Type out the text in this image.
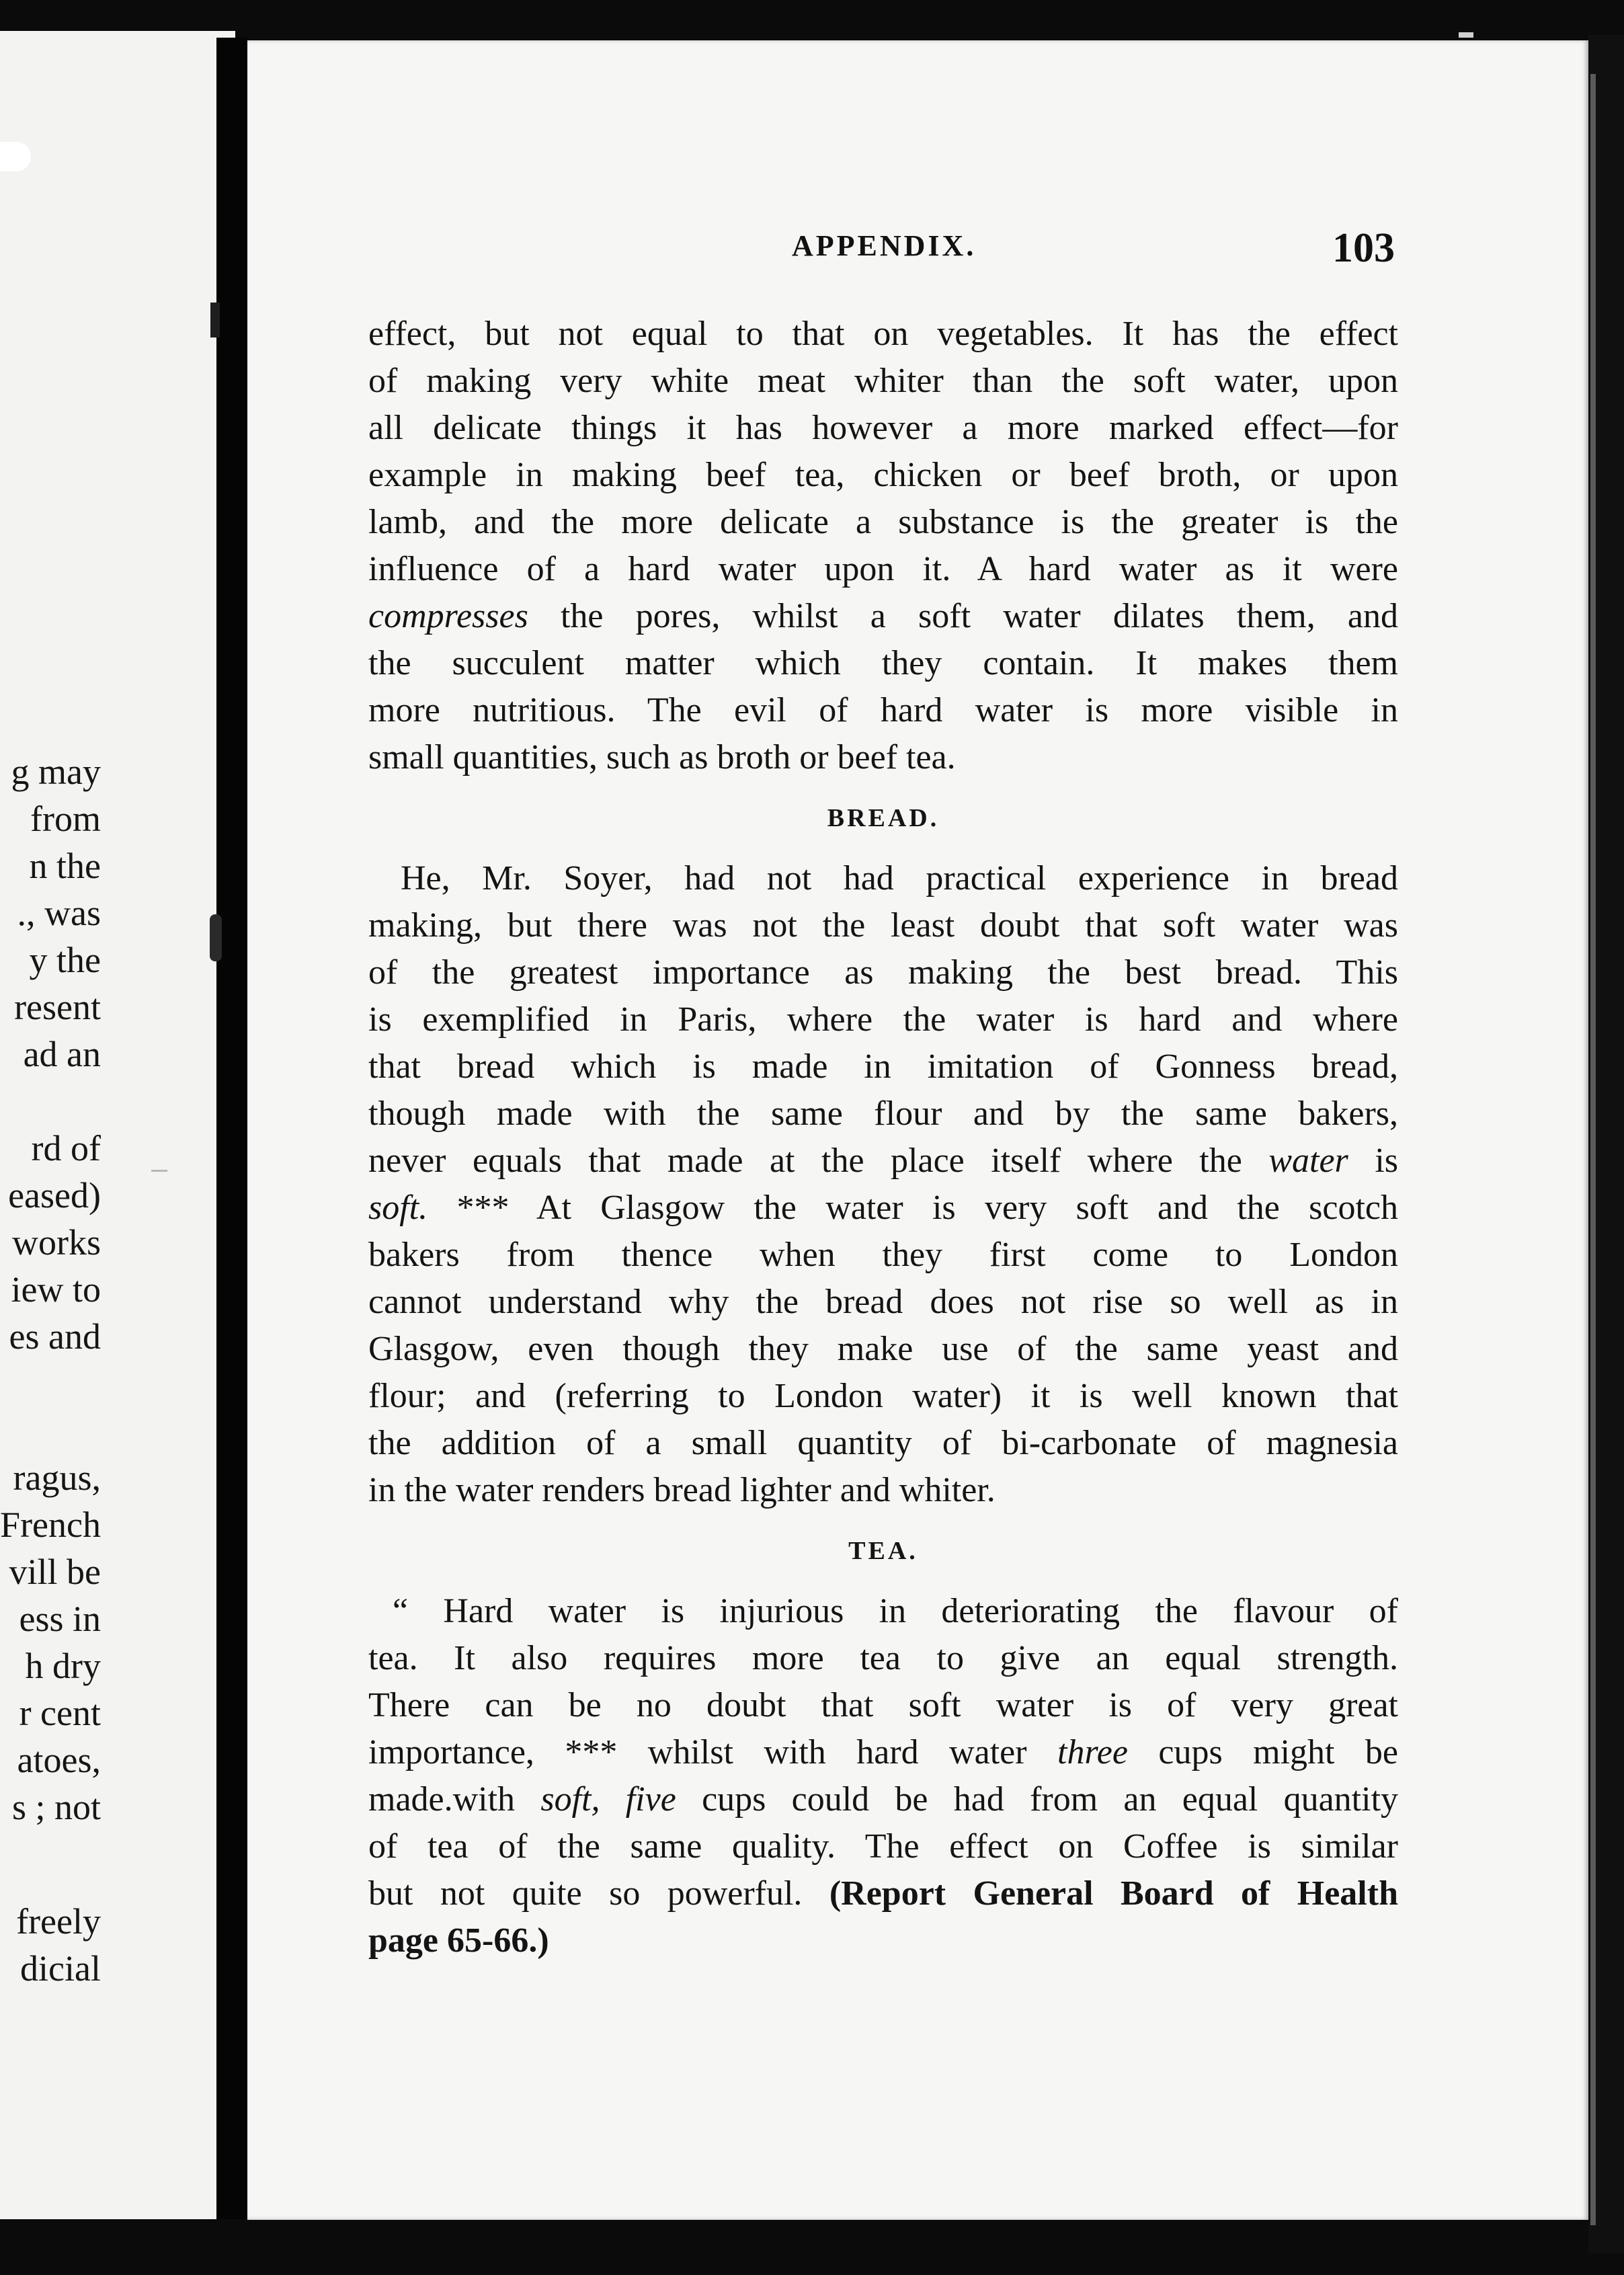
g may
from
n the
., was
y the
resent
ad an
rd of
eased)
works
iew to
es and
ragus,
French
vill be
ess in
h dry
r cent
atoes,
s ; not
freely
dicial
APPENDIX.	103
effect, but not equal to that on vegetables. It has the effect
of making very white meat whiter than the soft water, upon
all delicate things it has however a more marked effect—for
example in making beef tea, chicken or beef broth, or upon
lamb, and the more delicate a substance is the greater is the
influence of a hard water upon it. A hard water as it were
compresses the pores, whilst a soft water dilates them, and
the succulent matter which they contain. It makes them
more nutritious. The evil of hard water is more visible in
small quantities, such as broth or beef tea.
BREAD.
He, Mr. Soyer, had not had practical experience in bread
making, but there was not the least doubt that soft water was
of the greatest importance as making the best bread. This
is exemplified in Paris, where the water is hard and where
that bread which is made in imitation of Gonness bread,
though made with the same flour and by the same bakers,
never equals that made at the place itself where the water is
soft. *** At Glasgow the water is very soft and the scotch
bakers from thence when they first come to London
cannot understand why the bread does not rise so well as in
Glasgow, even though they make use of the same yeast and
flour; and (referring to London water) it is well known that
the addition of a small quantity of bi-carbonate of magnesia
in the water renders bread lighter and whiter.
TEA.
“ Hard water is injurious in deteriorating the flavour of
tea. It also requires more tea to give an equal strength.
There can be no doubt that soft water is of very great
importance, *** whilst with hard water three cups might be
made.with soft, five cups could be had from an equal quantity
of tea of the same quality. The effect on Coffee is similar
but not quite so powerful. (Report General Board of Health
page 65-66.)
